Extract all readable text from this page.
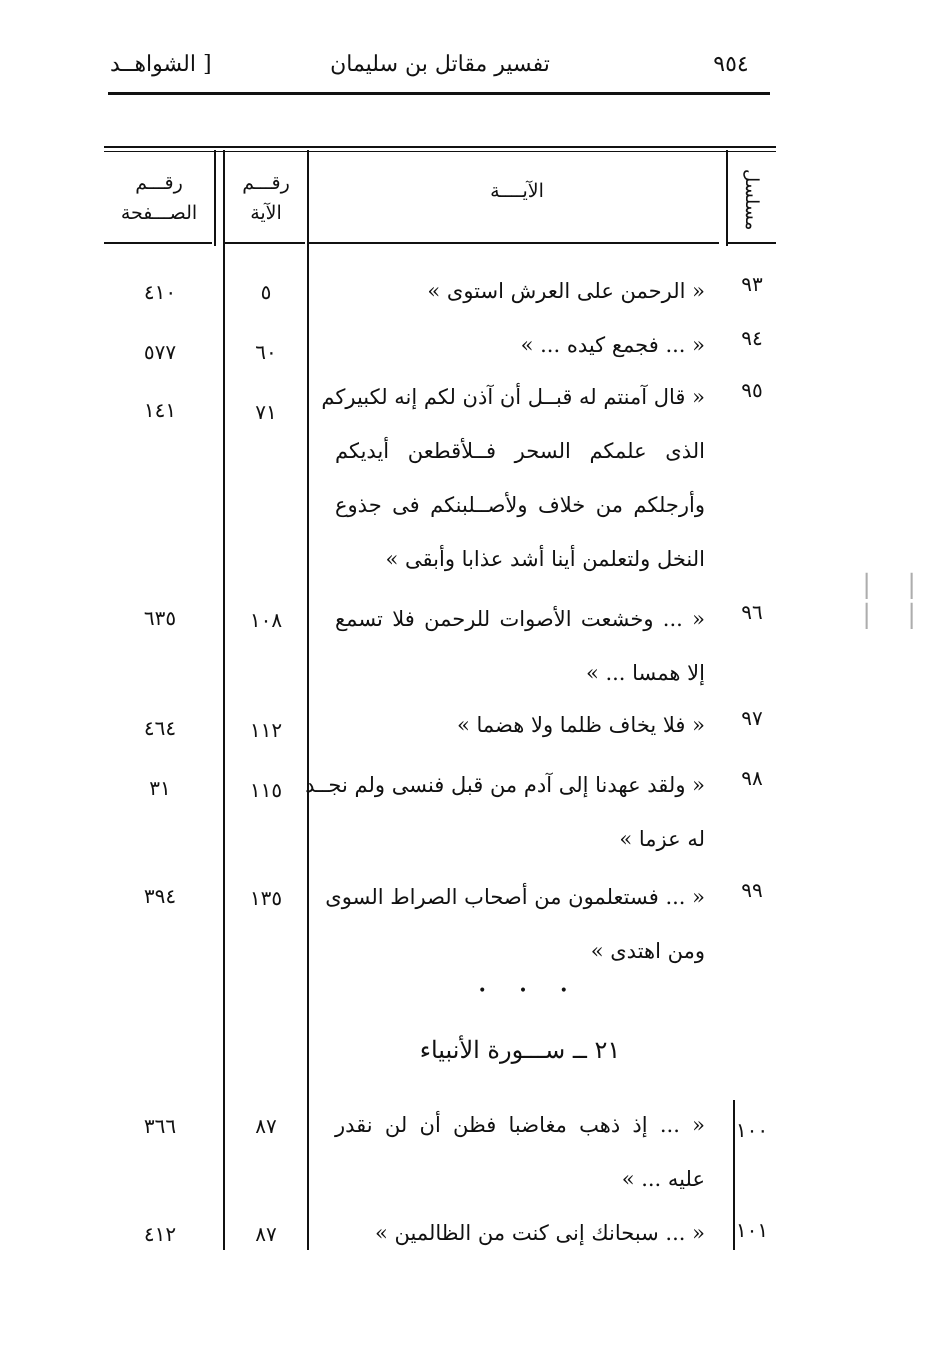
٩٥٤
تفسير مقاتل بن سليمان
[ الشواهــد
مسلسل
الآيــــة
رقـــم
الآية
رقـــم
الصـــفحة
٩٣
« الرحمن على العرش استوى »
٥
٤١٠
٩٤
« ... فجمع كيده ... »
٦٠
٥٧٧
٩٥
« قال آمنتم له قبــل أن آذن لكم إنه لكبيركم
الذى علمكم السحر فــلأقطعن أيديكم
وأرجلكم من خلاف ولأصــلبنكم فى جذوع
النخل ولتعلمن أينا أشد عذابا وأبقى »
٧١
١٤١
٩٦
« ... وخشعت الأصوات للرحمن فلا تسمع
إلا همسا ... »
١٠٨
٦٣٥
٩٧
« فلا يخاف ظلما ولا هضما »
١١٢
٤٦٤
٩٨
« ولقد عهدنا إلى آدم من قبل فنسى ولم نجــد
له عزما »
١١٥
٣١
٩٩
« ... فستعلمون من أصحاب الصراط السوى
ومن اهتدى »
١٣٥
٣٩٤
• • •
٢١ ــ ســـورة الأنبياء
١٠٠
« ... إذ ذهب مغاضبا فظن أن لن نقدر
عليه ... »
٨٧
٣٦٦
١٠١
« ... سبحانك إنى كنت من الظالمين »
٨٧
٤١٢
| | | |
